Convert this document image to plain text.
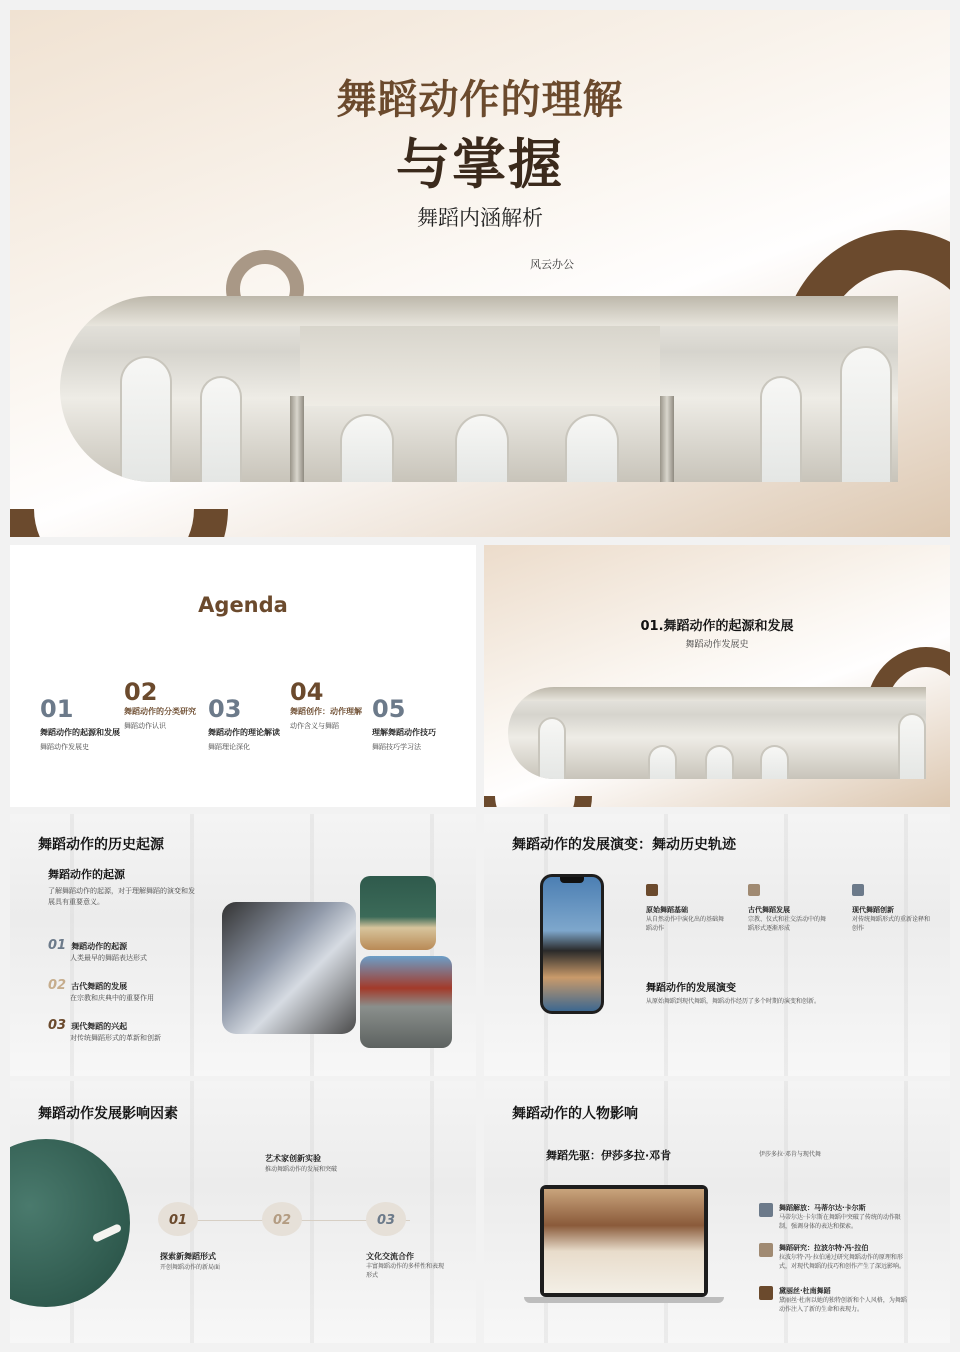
舞蹈动作的理解
与掌握
舞蹈内涵解析
风云办公
Agenda
01
舞蹈动作的起源和发展
舞蹈动作发展史
02
舞蹈动作的分类研究
舞蹈动作认识
03
舞蹈动作的理论解读
舞蹈理论深化
04
舞蹈创作：动作理解
动作含义与舞蹈
05
理解舞蹈动作技巧
舞蹈技巧学习法
01.舞蹈动作的起源和发展
舞蹈动作发展史
舞蹈动作的历史起源
舞蹈动作的起源
了解舞蹈动作的起源，对于理解舞蹈的演变和发展具有重要意义。
01 舞蹈动作的起源
人类最早的舞蹈表达形式
02 古代舞蹈的发展
在宗教和庆典中的重要作用
03 现代舞蹈的兴起
对传统舞蹈形式的革新和创新
舞蹈动作的发展演变：舞动历史轨迹
原始舞蹈基础
从自然动作中演化出的基础舞蹈动作
古代舞蹈发展
宗教、仪式和社交活动中的舞蹈形式逐渐形成
现代舞蹈创新
对传统舞蹈形式的重新诠释和创作
舞蹈动作的发展演变
从原始舞蹈到现代舞蹈，舞蹈动作经历了多个时期的演变和创新。
舞蹈动作发展影响因素
01	02	03
艺术家创新实验
推动舞蹈动作的发展和突破
探索新舞蹈形式
开创舞蹈动作的新局面
文化交流合作
丰富舞蹈动作的多样性和表现形式
舞蹈动作的人物影响
舞蹈先驱：伊莎多拉·邓肯	伊莎多拉·邓肯与现代舞
舞蹈解放：马蒂尔达·卡尔斯
马蒂尔达·卡尔斯在舞蹈中突破了传统的动作限制，强调身体的表达和探索。
舞蹈研究：拉波尔特·冯·拉伯
拉波尔特·冯·拉伯通过研究舞蹈动作的原理和形式，对现代舞蹈的技巧和创作产生了深远影响。
黛丽丝·杜南舞蹈
黛丽丝·杜南以她的独特创新和个人风格，为舞蹈动作注入了新的生命和表现力。
